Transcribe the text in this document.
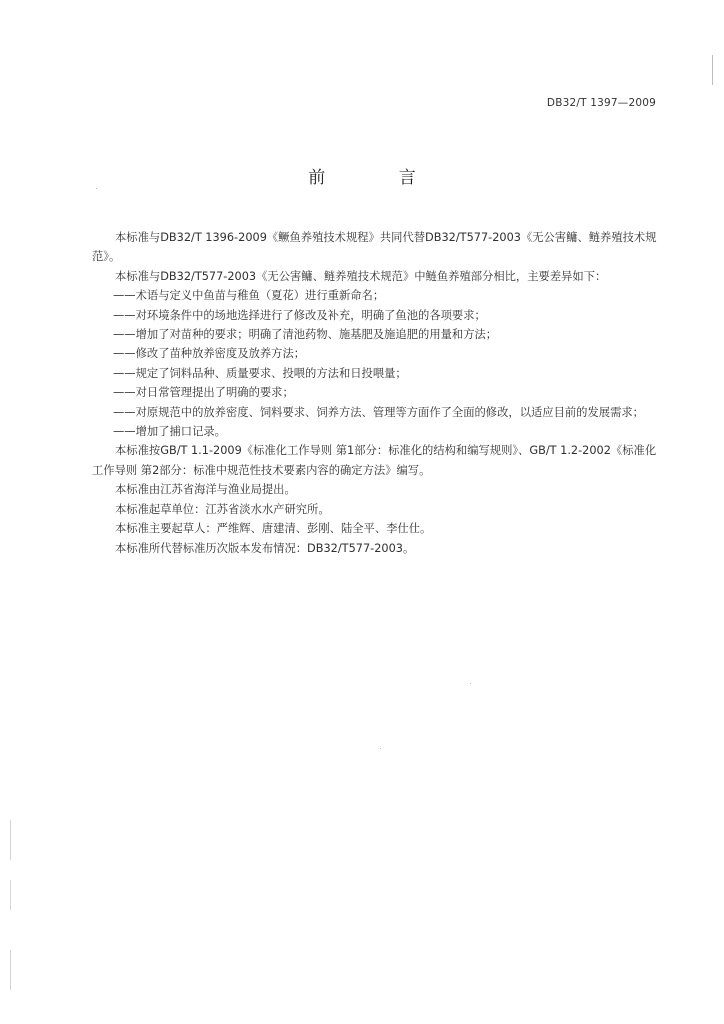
DB32/T 1397—2009
前 言

本标准与DB32/T 1396-2009《鳜鱼养殖技术规程》共同代替DB32/T577-2003《无公害鳙、鲢养殖技术规范》。

本标准与DB32/T577-2003《无公害鳙、鲢养殖技术规范》中鲢鱼养殖部分相比，主要差异如下：

——术语与定义中鱼苗与稚鱼（夏花）进行重新命名；

——对环境条件中的场地选择进行了修改及补充，明确了鱼池的各项要求；

——增加了对苗种的要求；明确了清池药物、施基肥及施追肥的用量和方法；

——修改了苗种放养密度及放养方法；

——规定了饲料品种、质量要求、投喂的方法和日投喂量；

——对日常管理提出了明确的要求；

——对原规范中的放养密度、饲料要求、饲养方法、管理等方面作了全面的修改，以适应目前的发展需求；

——增加了捕口记录。

本标准按GB/T 1.1-2009《标准化工作导则 第1部分：标准化的结构和编写规则》、GB/T 1.2-2002《标准化工作导则 第2部分：标准中规范性技术要素内容的确定方法》编写。

本标准由江苏省海洋与渔业局提出。

本标准起草单位：江苏省淡水水产研究所。

本标准主要起草人：严维辉、唐建清、彭刚、陆全平、李仕仕。

本标准所代替标准历次版本发布情况：DB32/T577-2003。
